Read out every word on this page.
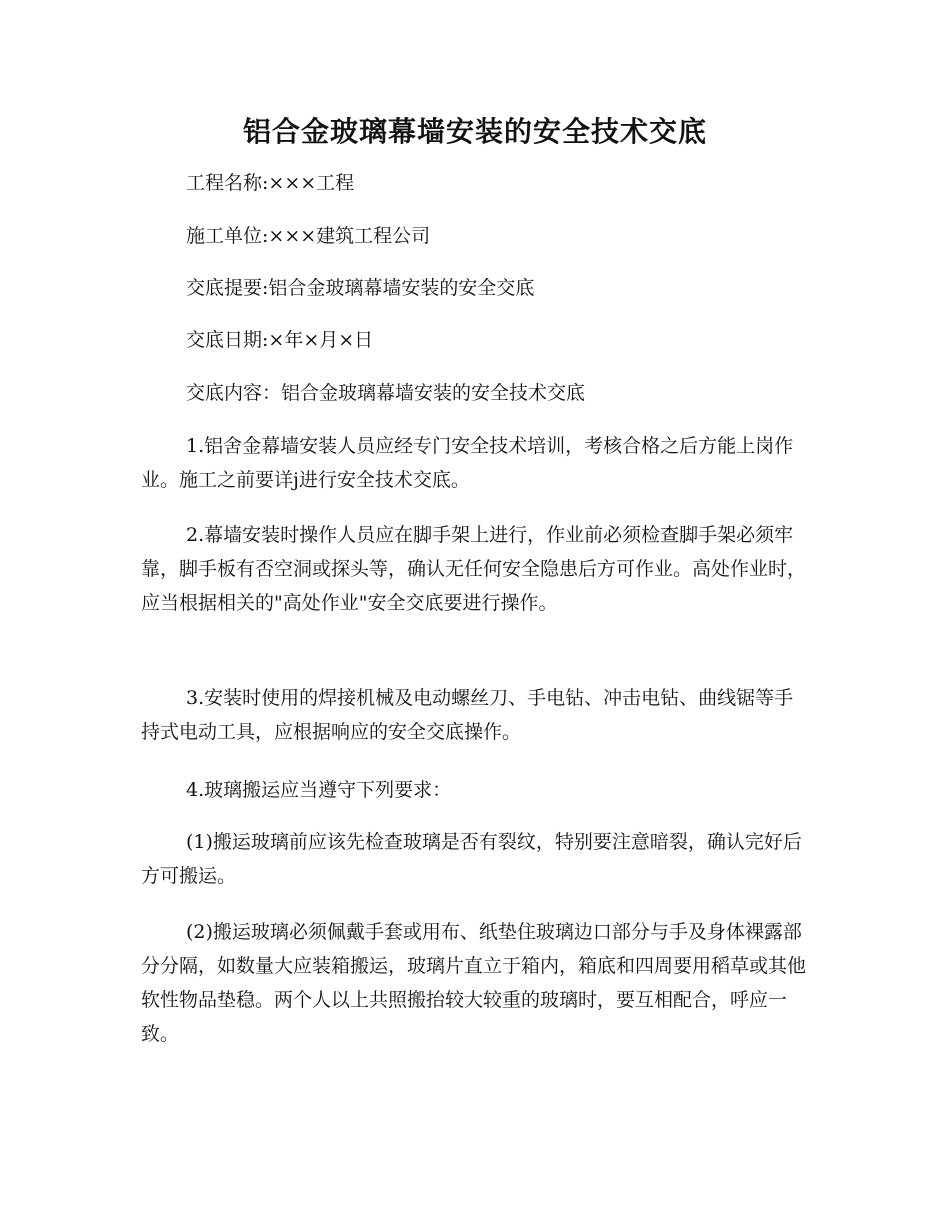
铝合金玻璃幕墙安装的安全技术交底
工程名称:×××工程
施工单位:×××建筑工程公司
交底提要:铝合金玻璃幕墙安装的安全交底
交底日期:×年×月×日
交底内容：铝合金玻璃幕墙安装的安全技术交底
1.铝舍金幕墙安装人员应经专门安全技术培训，考核合格之后方能上岗作业。施工之前要详j进行安全技术交底。
2.幕墙安装时操作人员应在脚手架上进行，作业前必须检查脚手架必须牢靠，脚手板有否空洞或探头等，确认无任何安全隐患后方可作业。高处作业时，应当根据相关的"高处作业"安全交底要进行操作。
3.安装时使用的焊接机械及电动螺丝刀、手电钻、冲击电钻、曲线锯等手持式电动工具，应根据响应的安全交底操作。
4.玻璃搬运应当遵守下列要求：
(1)搬运玻璃前应该先检查玻璃是否有裂纹，特别要注意暗裂，确认完好后方可搬运。
(2)搬运玻璃必须佩戴手套或用布、纸垫住玻璃边口部分与手及身体裸露部分分隔，如数量大应装箱搬运，玻璃片直立于箱内，箱底和四周要用稻草或其他软性物品垫稳。两个人以上共照搬抬较大较重的玻璃时，要互相配合，呼应一致。
